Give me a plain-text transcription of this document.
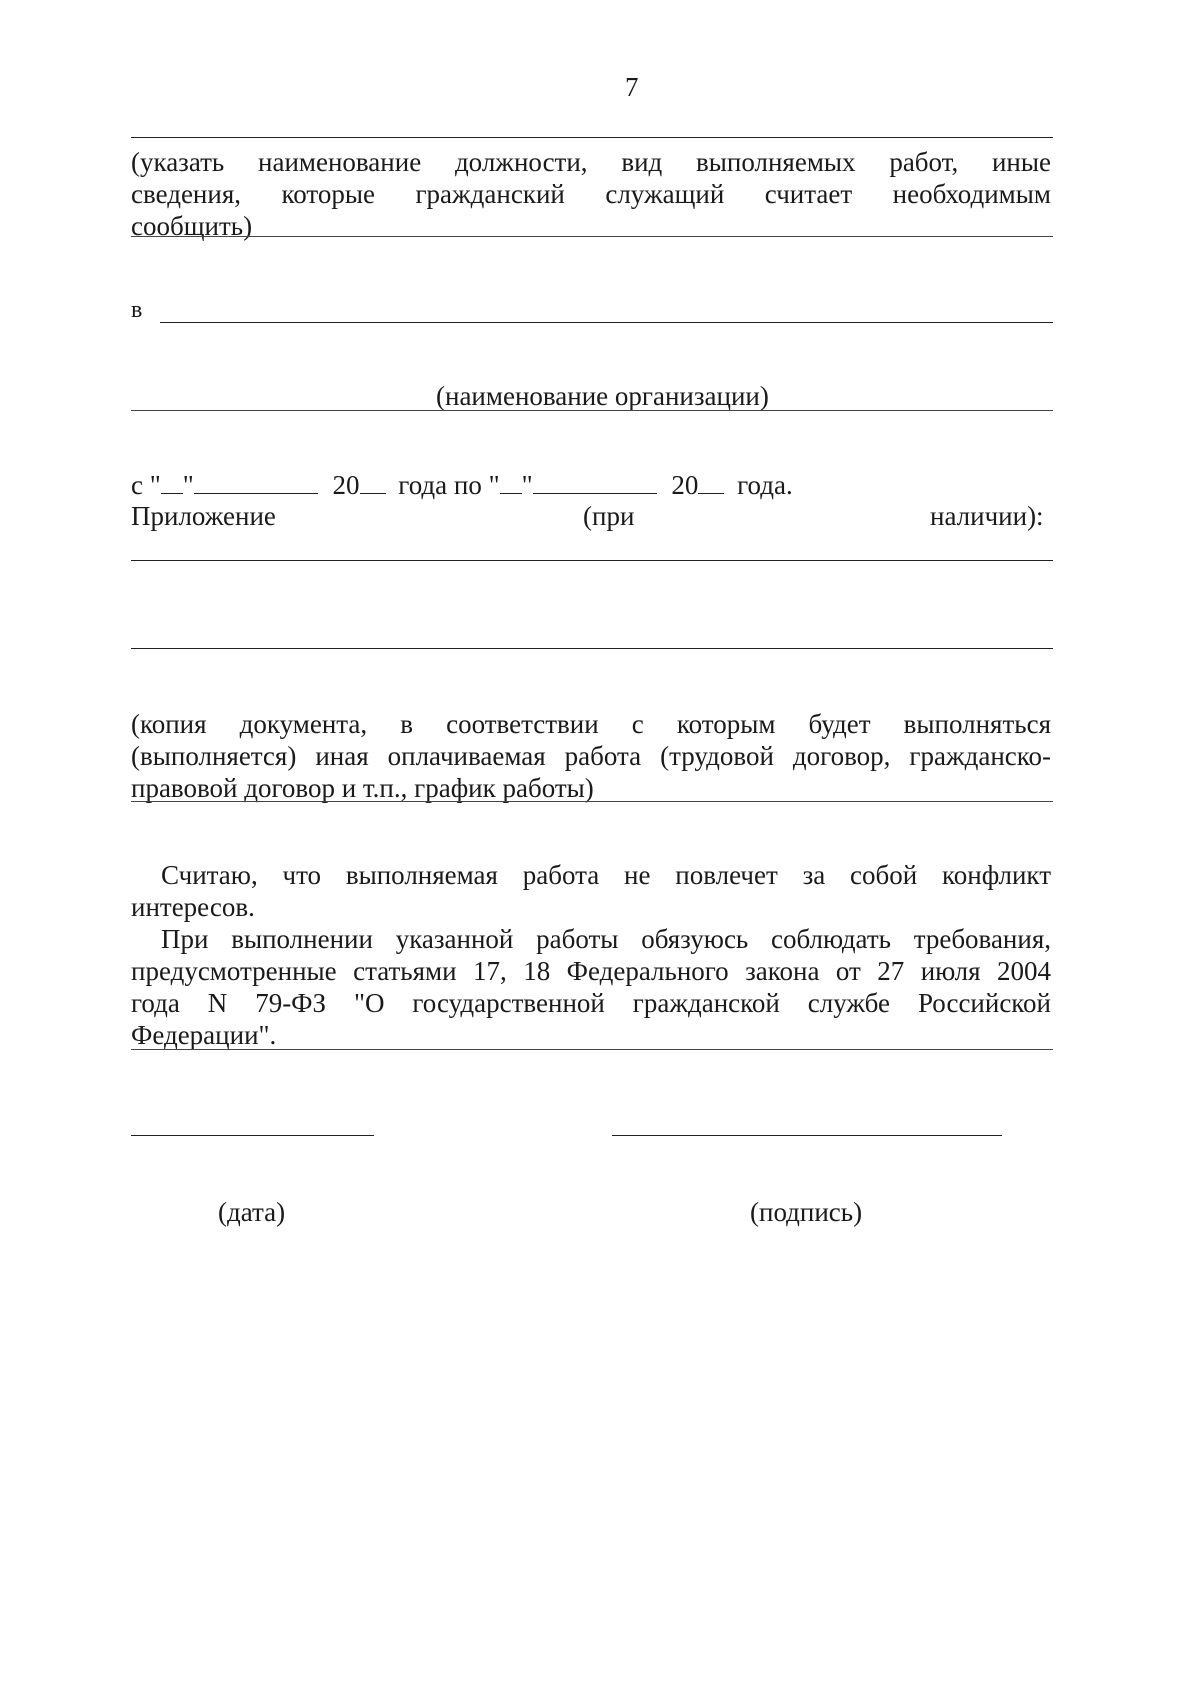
7
(указать наименование должности, вид выполняемых работ, иные
сведения, которые гражданский служащий считает необходимым
сообщить)
в
(наименование организации)
с " "	20 года по " "	20 года.
Приложение	(при	наличии):
(копия документа, в соответствии с которым будет выполняться
(выполняется) иная оплачиваемая работа (трудовой договор, гражданско-
правовой договор и т.п., график работы)
Считаю, что выполняемая работа не повлечет за собой конфликт
интересов.
При выполнении указанной работы обязуюсь соблюдать требования,
предусмотренные статьями 17, 18 Федерального закона от 27 июля 2004
года N 79-ФЗ "О государственной гражданской службе Российской
Федерации".
(дата)	(подпись)
